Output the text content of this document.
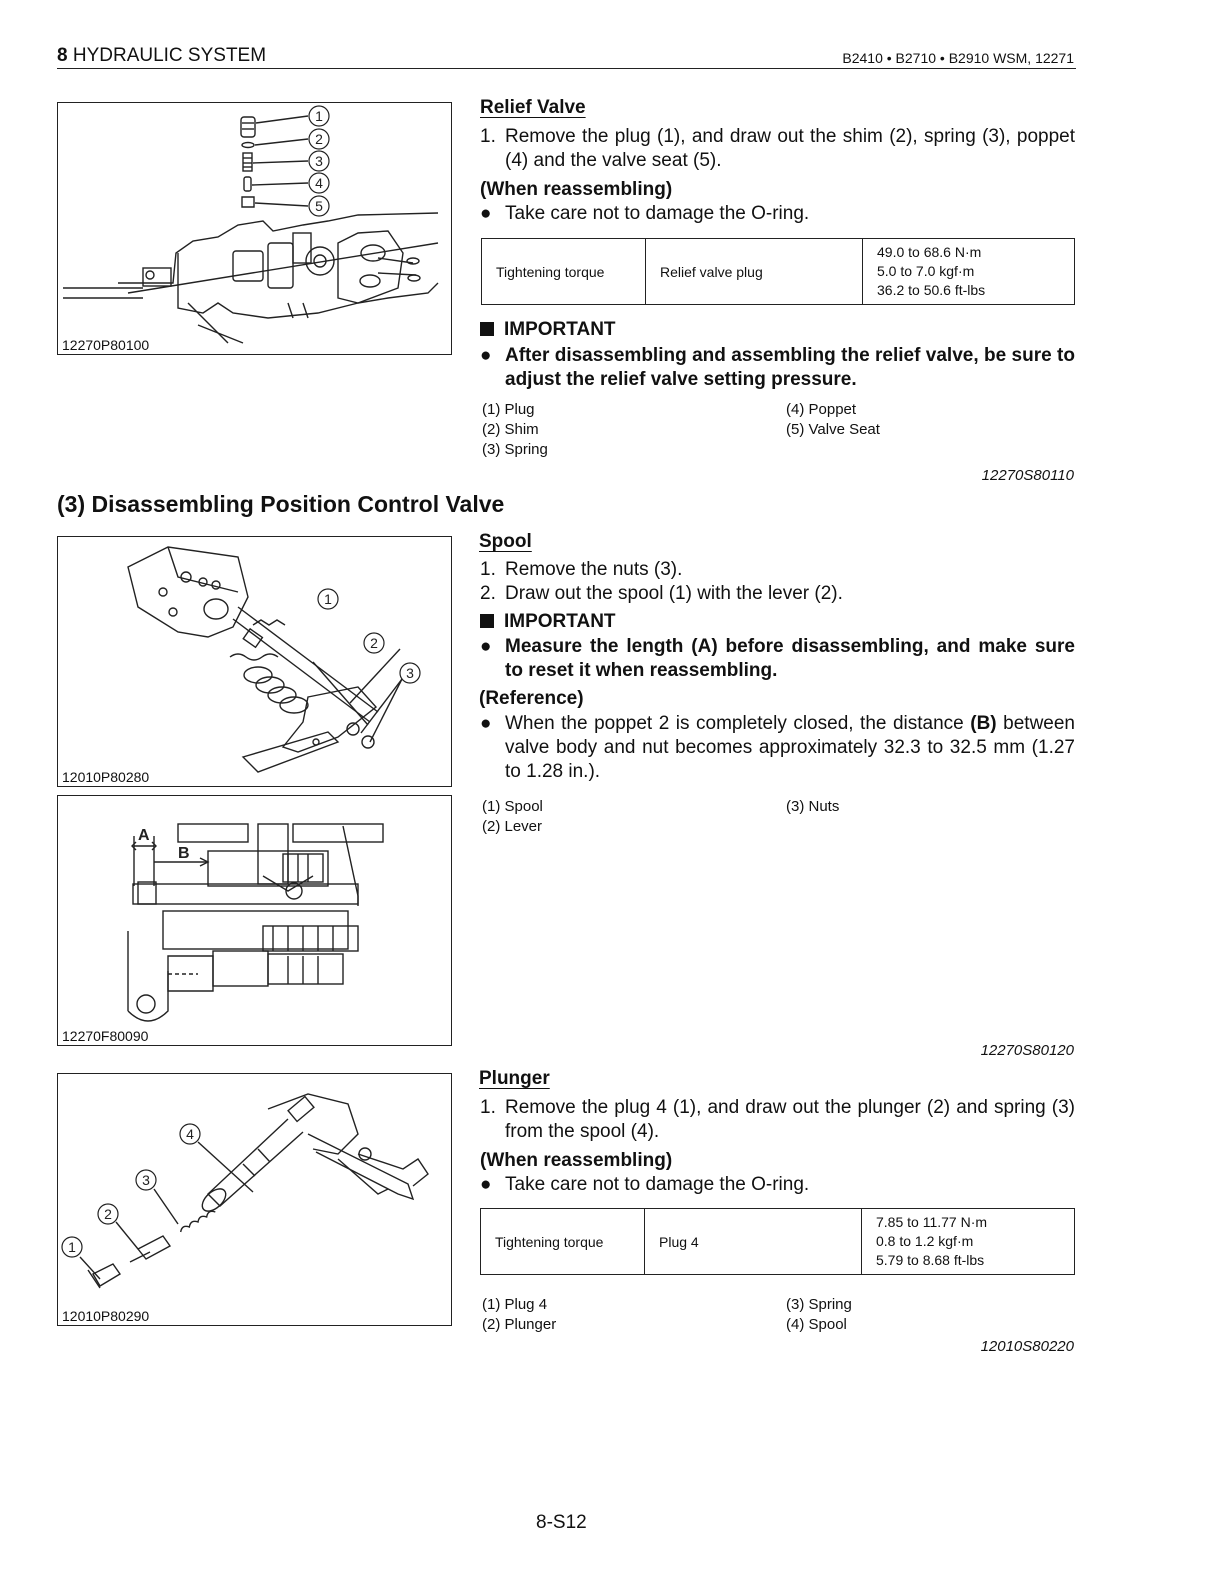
8 HYDRAULIC SYSTEM	B2410 • B2710 • B2910 WSM, 12271
1
2
3
4
5
12270P80100
Relief Valve
1. Remove the plug (1), and draw out the shim (2), spring (3), poppet (4) and the valve seat (5).
(When reassembling)
● Take care not to damage the O-ring.
Tightening torque	Relief valve plug	
49.0 to 68.6 N·m
5.0 to 7.0 kgf·m
36.2 to 50.6 ft-lbs
IMPORTANT
● After disassembling and assembling the relief valve, be sure to adjust the relief valve setting pressure.
(1) Plug
(2) Shim
(3) Spring
(4) Poppet
(5) Valve Seat
12270S80110
(3) Disassembling Position Control Valve
1
2
3
12010P80280
A
B
12270F80090
Spool
1. Remove the nuts (3).
2. Draw out the spool (1) with the lever (2).
IMPORTANT
● Measure the length (A) before disassembling, and make sure to reset it when reassembling.
(Reference)
● When the poppet 2 is completely closed, the distance (B) between valve body and nut becomes approximately 32.3 to 32.5 mm (1.27 to 1.28 in.).
(1) Spool
(2) Lever
(3) Nuts
12270S80120
4
3
2
1
12010P80290
Plunger
1. Remove the plug 4 (1), and draw out the plunger (2) and spring (3) from the spool (4).
(When reassembling)
● Take care not to damage the O-ring.
Tightening torque	Plug 4	
7.85 to 11.77 N·m
0.8 to 1.2 kgf·m
5.79 to 8.68 ft-lbs
(1) Plug 4
(2) Plunger
(3) Spring
(4) Spool
12010S80220
8-S12
